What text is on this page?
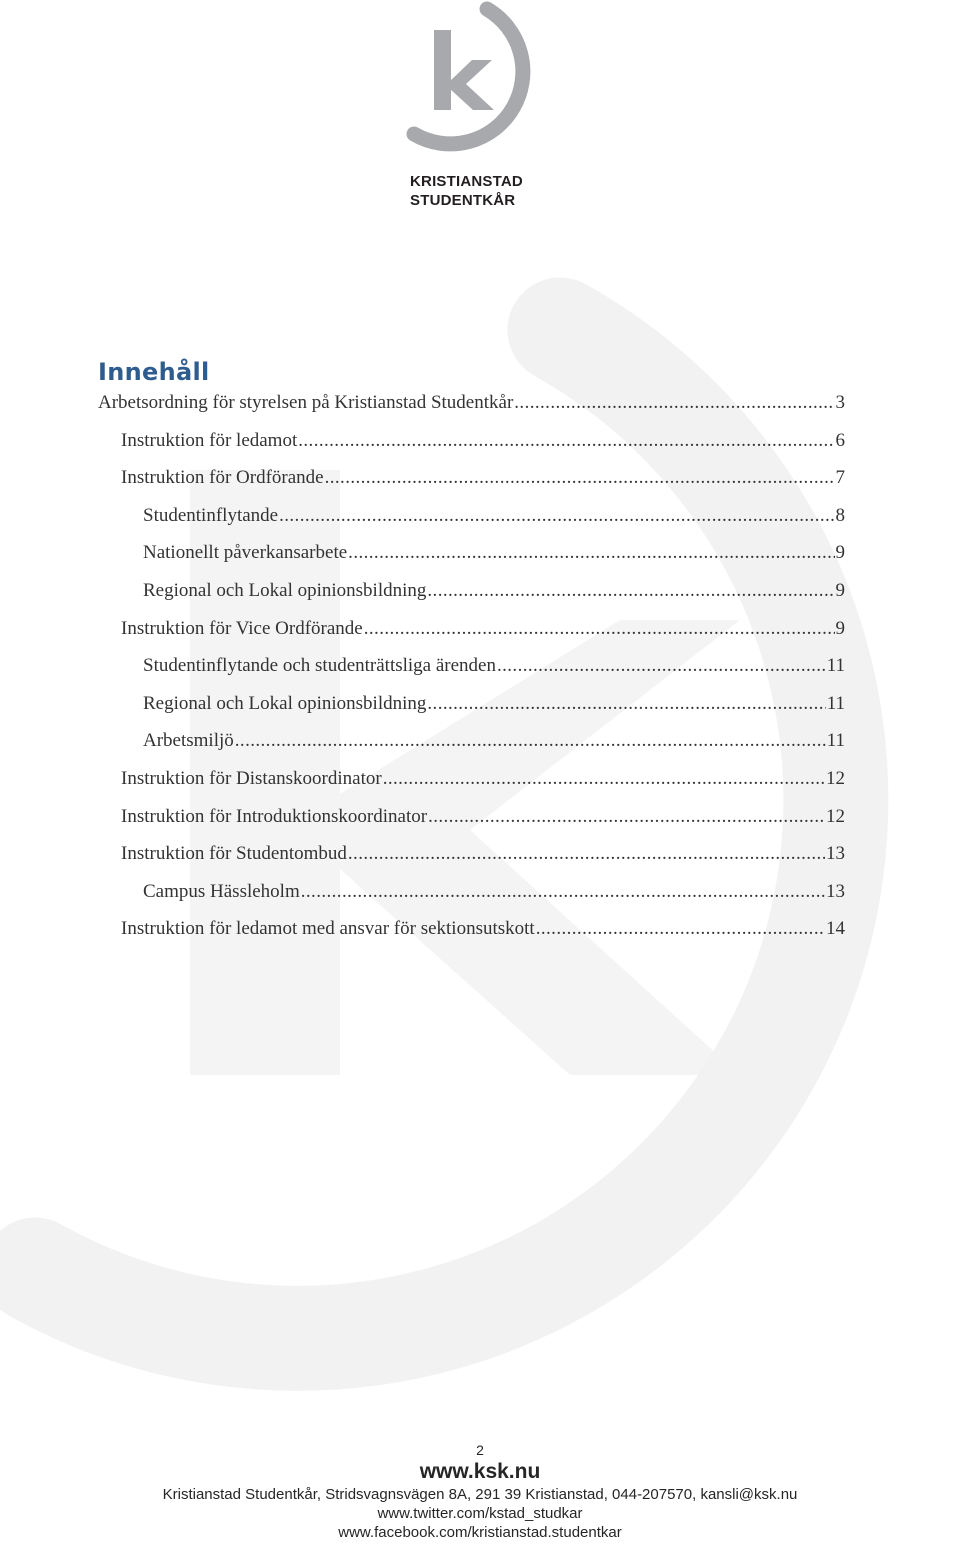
KRISTIANSTAD
STUDENTKÅR
Innehåll
Arbetsordning för styrelsen på Kristianstad Studentkår .....	3
Instruktion för ledamot .....	6
Instruktion för Ordförande .....	7
Studentinflytande .....	8
Nationellt påverkansarbete .....	9
Regional och Lokal opinionsbildning .....	9
Instruktion för Vice Ordförande .....	9
Studentinflytande och studenträttsliga ärenden .....	11
Regional och Lokal opinionsbildning .....	11
Arbetsmiljö .....	11
Instruktion för Distanskoordinator .....	12
Instruktion för Introduktionskoordinator .....	12
Instruktion för Studentombud .....	13
Campus Hässleholm .....	13
Instruktion för ledamot med ansvar för sektionsutskott .....	14
2
www.ksk.nu
Kristianstad Studentkår, Stridsvagnsvägen 8A, 291 39 Kristianstad, 044-207570, kansli@ksk.nu
www.twitter.com/kstad_studkar
www.facebook.com/kristianstad.studentkar
